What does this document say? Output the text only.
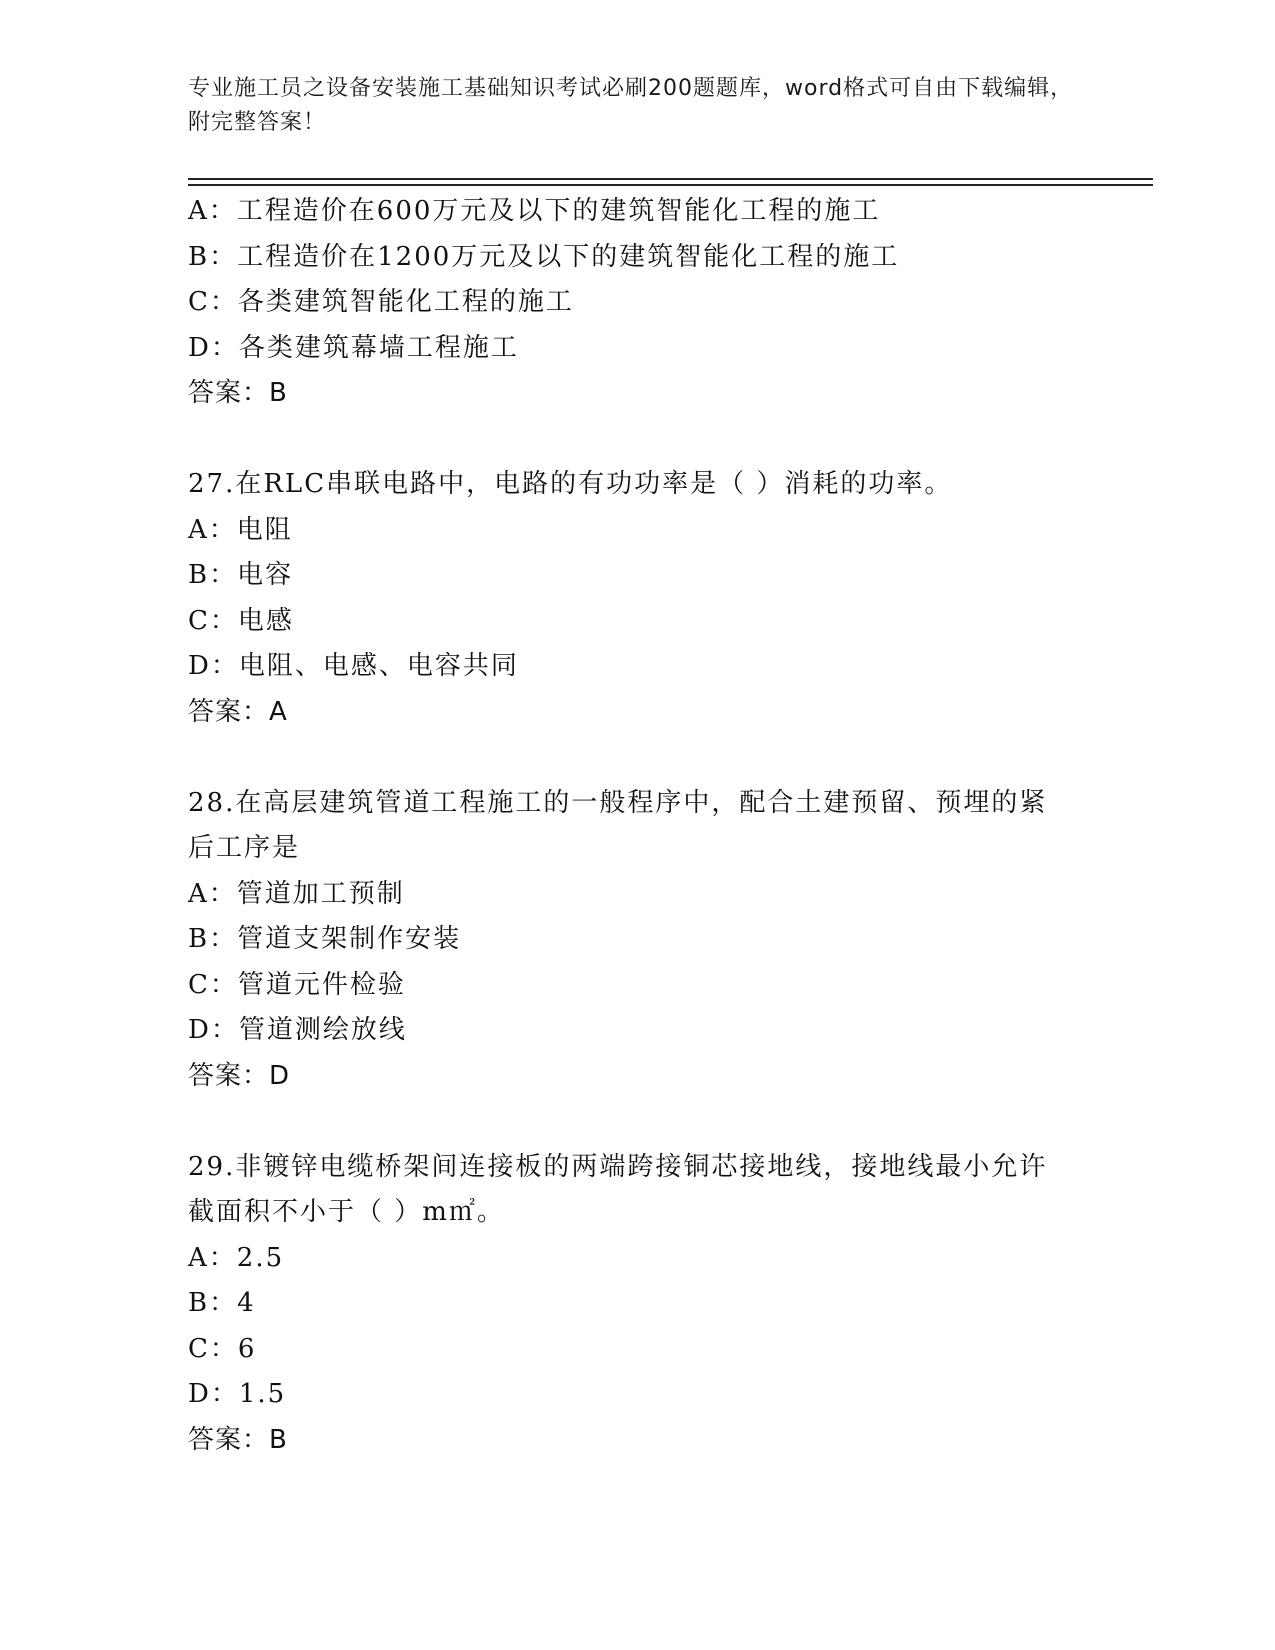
专业施工员之设备安装施工基础知识考试必刷200题题库，word格式可自由下载编辑，附完整答案！
A：工程造价在600万元及以下的建筑智能化工程的施工
B：工程造价在1200万元及以下的建筑智能化工程的施工
C：各类建筑智能化工程的施工
D：各类建筑幕墙工程施工
答案：B
27.在RLC串联电路中，电路的有功功率是（ ）消耗的功率。
A：电阻
B：电容
C：电感
D：电阻、电感、电容共同
答案：A
28.在高层建筑管道工程施工的一般程序中，配合土建预留、预埋的紧
后工序是
A：管道加工预制
B：管道支架制作安装
C：管道元件检验
D：管道测绘放线
答案：D
29.非镀锌电缆桥架间连接板的两端跨接铜芯接地线，接地线最小允许
截面积不小于（ ）m㎡。
A：2.5
B：4
C：6
D：1.5
答案：B
